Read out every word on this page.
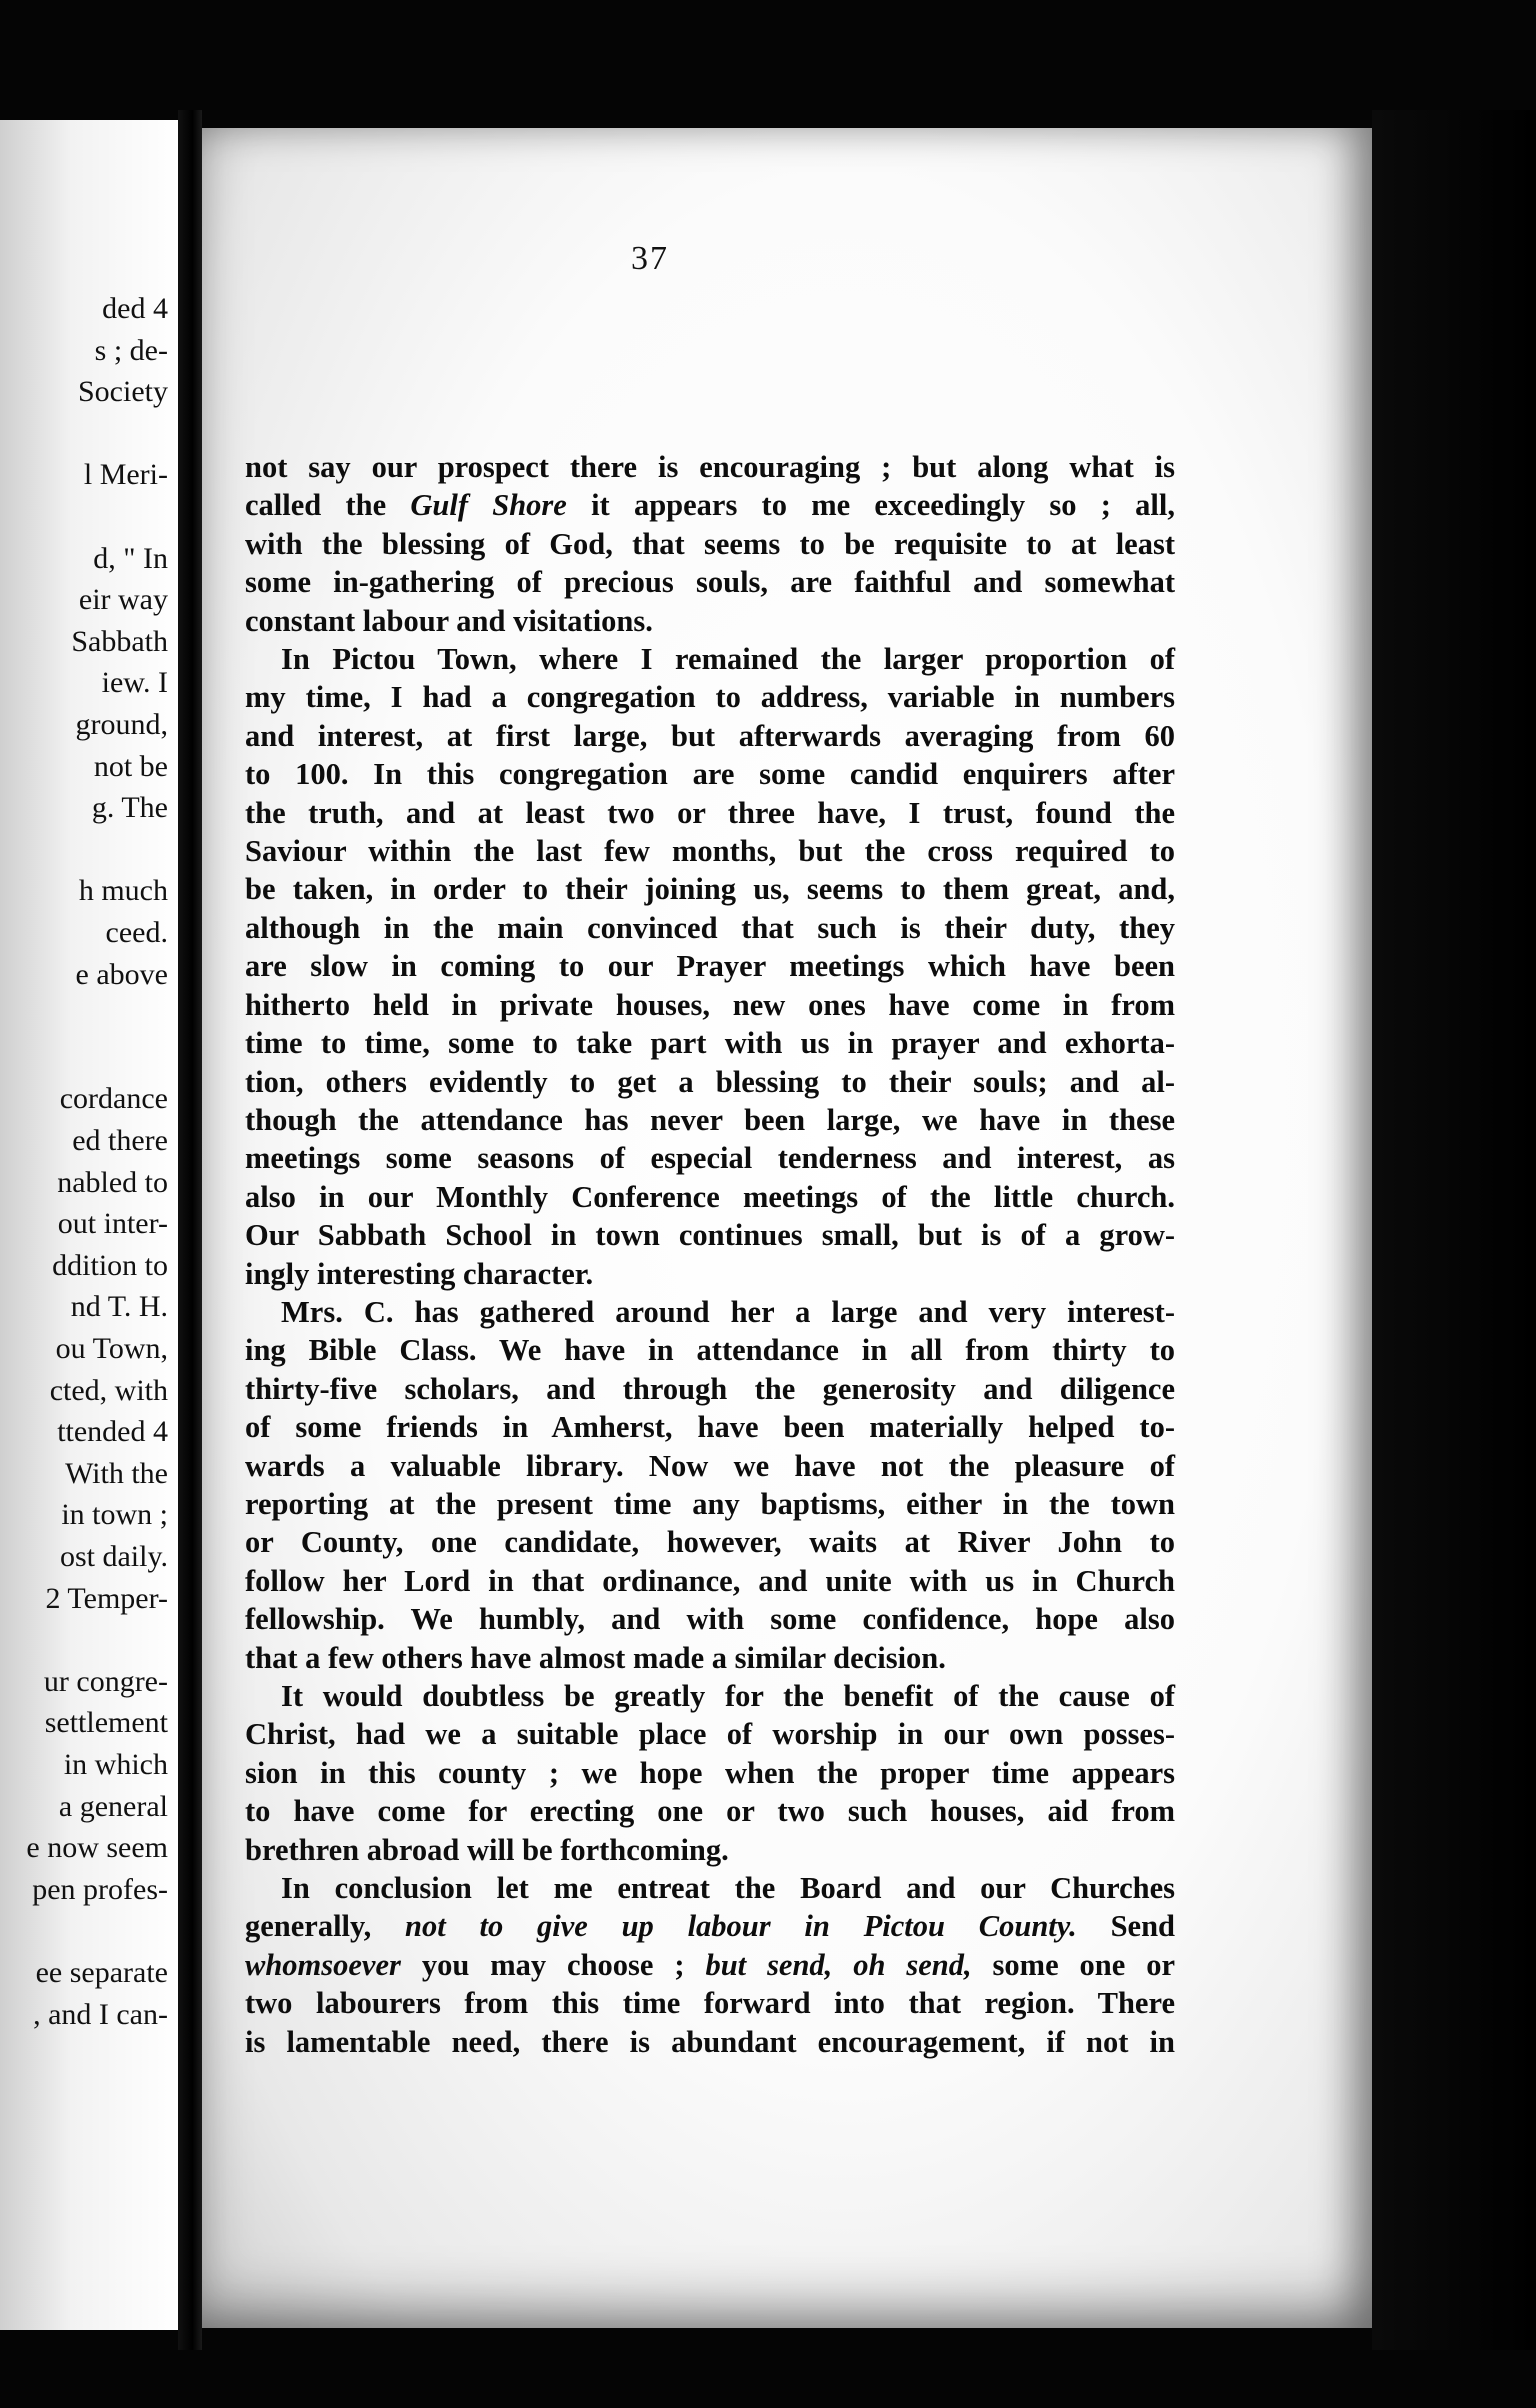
ded 4
s ; de-
Society
l Meri-
d, " In
eir way
Sabbath
iew. I
ground,
not be
g. The
h much
ceed.
e above
cordance
ed there
nabled to
out inter-
ddition to
nd T. H.
ou Town,
cted, with
ttended 4
With the
in town ;
ost daily.
2 Temper-
ur congre-
settlement
in which
a general
e now seem
pen profes-
ee separate
, and I can-
37

not say our prospect there is encouraging ; but along what is
called the Gulf Shore it appears to me exceedingly so ; all,
with the blessing of God, that seems to be requisite to at least
some in-gathering of precious souls, are faithful and somewhat
constant labour and visitations.

In Pictou Town, where I remained the larger proportion of
my time, I had a congregation to address, variable in numbers
and interest, at first large, but afterwards averaging from 60
to 100. In this congregation are some candid enquirers after
the truth, and at least two or three have, I trust, found the
Saviour within the last few months, but the cross required to
be taken, in order to their joining us, seems to them great, and,
although in the main convinced that such is their duty, they
are slow in coming to our Prayer meetings which have been
hitherto held in private houses, new ones have come in from
time to time, some to take part with us in prayer and exhorta-
tion, others evidently to get a blessing to their souls; and al-
though the attendance has never been large, we have in these
meetings some seasons of especial tenderness and interest, as
also in our Monthly Conference meetings of the little church.
Our Sabbath School in town continues small, but is of a grow-
ingly interesting character.

Mrs. C. has gathered around her a large and very interest-
ing Bible Class. We have in attendance in all from thirty to
thirty-five scholars, and through the generosity and diligence
of some friends in Amherst, have been materially helped to-
wards a valuable library. Now we have not the pleasure of
reporting at the present time any baptisms, either in the town
or County, one candidate, however, waits at River John to
follow her Lord in that ordinance, and unite with us in Church
fellowship. We humbly, and with some confidence, hope also
that a few others have almost made a similar decision.

It would doubtless be greatly for the benefit of the cause of
Christ, had we a suitable place of worship in our own posses-
sion in this county ; we hope when the proper time appears
to have come for erecting one or two such houses, aid from
brethren abroad will be forthcoming.

In conclusion let me entreat the Board and our Churches
generally, not to give up labour in Pictou County. Send
whomsoever you may choose ; but send, oh send, some one or
two labourers from this time forward into that region. There
is lamentable need, there is abundant encouragement, if not in
